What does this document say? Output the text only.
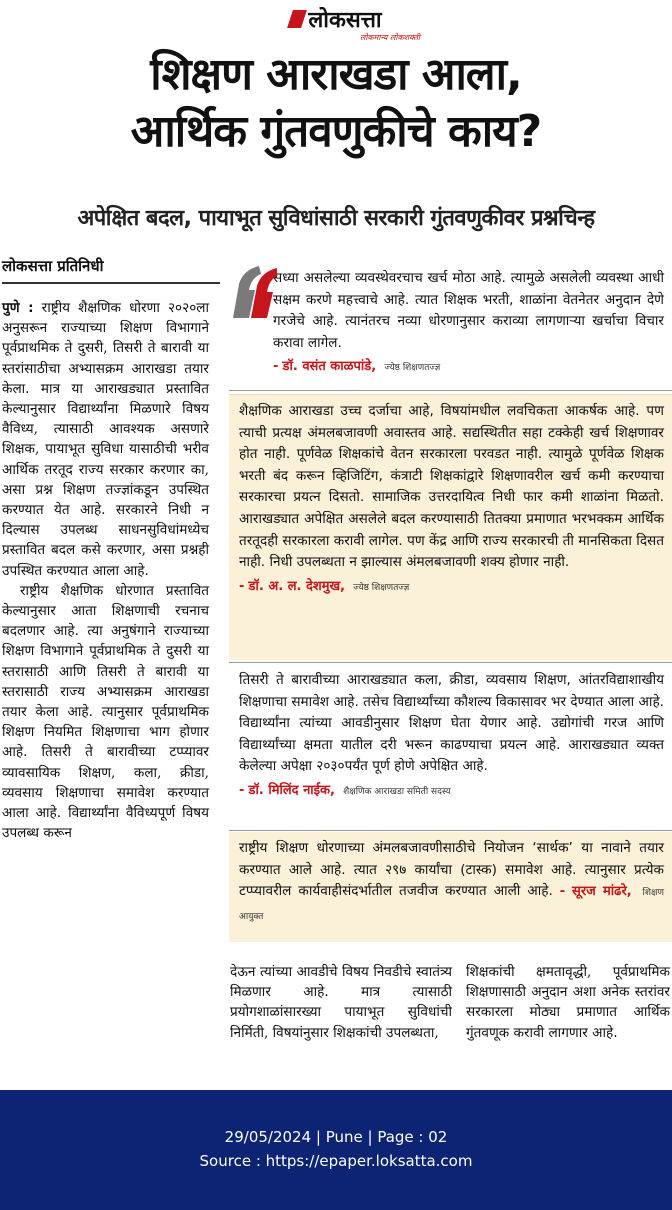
लोकसत्ता
लोकमान्य लोकशक्ती
शिक्षण आराखडा आला,
आर्थिक गुंतवणुकीचे काय?
अपेक्षित बदल, पायाभूत सुविधांसाठी सरकारी गुंतवणुकीवर प्रश्नचिन्ह
लोकसत्ता प्रतिनिधी

पुणे : राष्ट्रीय शैक्षणिक धोरणा २०२०ला अनुसरून राज्याच्या शिक्षण विभागाने पूर्वप्राथमिक ते दुसरी, तिसरी ते बारावी या स्तरांसाठीचा अभ्यासक्रम आराखडा तयार केला. मात्र या आराखड्यात प्रस्तावित केल्यानुसार विद्यार्थ्यांना मिळणारे विषय वैविध्य, त्यासाठी आवश्यक असणारे शिक्षक, पायाभूत सुविधा यासाठीची भरीव आर्थिक तरतूद राज्य सरकार करणार का, असा प्रश्न शिक्षण तज्ज्ञांकडून उपस्थित करण्यात येत आहे. सरकारने निधी न दिल्यास उपलब्ध साधनसुविधांमध्येच प्रस्तावित बदल कसे करणार, असा प्रश्नही उपस्थित करण्यात आला आहे.

राष्ट्रीय शैक्षणिक धोरणात प्रस्तावित केल्यानुसार आता शिक्षणाची रचनाच बदलणार आहे. त्या अनुषंगाने राज्याच्या शिक्षण विभागाने पूर्वप्राथमिक ते दुसरी या स्तरासाठी आणि तिसरी ते बारावी या स्तरासाठी राज्य अभ्यासक्रम आराखडा तयार केला आहे. त्यानुसार पूर्वप्राथमिक शिक्षण नियमित शिक्षणाचा भाग होणार आहे. तिसरी ते बारावीच्या टप्प्यावर व्यावसायिक शिक्षण, कला, क्रीडा, व्यवसाय शिक्षणाचा समावेश करण्यात आला आहे. विद्यार्थ्यांना वैविध्यपूर्ण विषय उपलब्ध करून

देऊन त्यांच्या आवडीचे विषय निवडीचे स्वातंत्र्य मिळणार आहे. मात्र त्यासाठी प्रयोगशाळांसारख्या पायाभूत सुविधांची निर्मिती, विषयांनुसार शिक्षकांची उपलब्धता,
शिक्षकांची क्षमतावृद्धी, पूर्वप्राथमिक शिक्षणासाठी अनुदान अशा अनेक स्तरांवर सरकारला मोठ्या प्रमाणात आर्थिक गुंतवणूक करावी लागणार आहे.
सध्या असलेल्या व्यवस्थेवरचाच खर्च मोठा आहे. त्यामुळे असलेली व्यवस्था आधी सक्षम करणे महत्त्वाचे आहे. त्यात शिक्षक भरती, शाळांना वेतनेतर अनुदान देणे गरजेचे आहे. त्यानंतरच नव्या धोरणानुसार कराव्या लागणाऱ्या खर्चाचा विचार करावा लागेल.
- डॉ. वसंत काळपांडे, ज्येष्ठ शिक्षणतज्ज्ञ
शैक्षणिक आराखडा उच्च दर्जाचा आहे, विषयांमधील लवचिकता आकर्षक आहे. पण त्याची प्रत्यक्ष अंमलबजावणी अवास्तव आहे. सद्यस्थितीत सहा टक्केही खर्च शिक्षणावर होत नाही. पूर्णवेळ शिक्षकांचे वेतन सरकारला परवडत नाही. त्यामुळे पूर्णवेळ शिक्षक भरती बंद करून व्हिजिटिंग, कंत्राटी शिक्षकांद्वारे शिक्षणावरील खर्च कमी करण्याचा सरकारचा प्रयत्न दिसतो. सामाजिक उत्तरदायित्व निधी फार कमी शाळांना मिळतो. आराखड्यात अपेक्षित असलेले बदल करण्यासाठी तितक्या प्रमाणात भरभक्कम आर्थिक तरतूदही सरकारला करावी लागेल. पण केंद्र आणि राज्य सरकारची ती मानसिकता दिसत नाही. निधी उपलब्धता न झाल्यास अंमलबजावणी शक्य होणार नाही.
- डॉ. अ. ल. देशमुख, ज्येष्ठ शिक्षणतज्ज्ञ
तिसरी ते बारावीच्या आराखड्यात कला, क्रीडा, व्यवसाय शिक्षण, आंतरविद्याशाखीय शिक्षणाचा समावेश आहे. तसेच विद्यार्थ्यांच्या कौशल्य विकासावर भर देण्यात आला आहे. विद्यार्थ्यांना त्यांच्या आवडीनुसार शिक्षण घेता येणार आहे. उद्योगांची गरज आणि विद्यार्थ्यांच्या क्षमता यातील दरी भरून काढण्याचा प्रयत्न आहे. आराखड्यात व्यक्त केलेल्या अपेक्षा २०३०पर्यंत पूर्ण होणे अपेक्षित आहे.
- डॉ. मिलिंद नाईक, शैक्षणिक आराखडा समिती सदस्य
राष्ट्रीय शिक्षण धोरणाच्या अंमलबजावणीसाठीचे नियोजन ‘सार्थक’ या नावाने तयार करण्यात आले आहे. त्यात २९७ कार्यांचा (टास्क) समावेश आहे. त्यानुसार प्रत्येक टप्प्यावरील कार्यवाहीसंदर्भातील तजवीज करण्यात आली आहे. - सूरज मांढरे, शिक्षण आयुक्त
29/05/2024 | Pune | Page : 02
Source : https://epaper.loksatta.com
